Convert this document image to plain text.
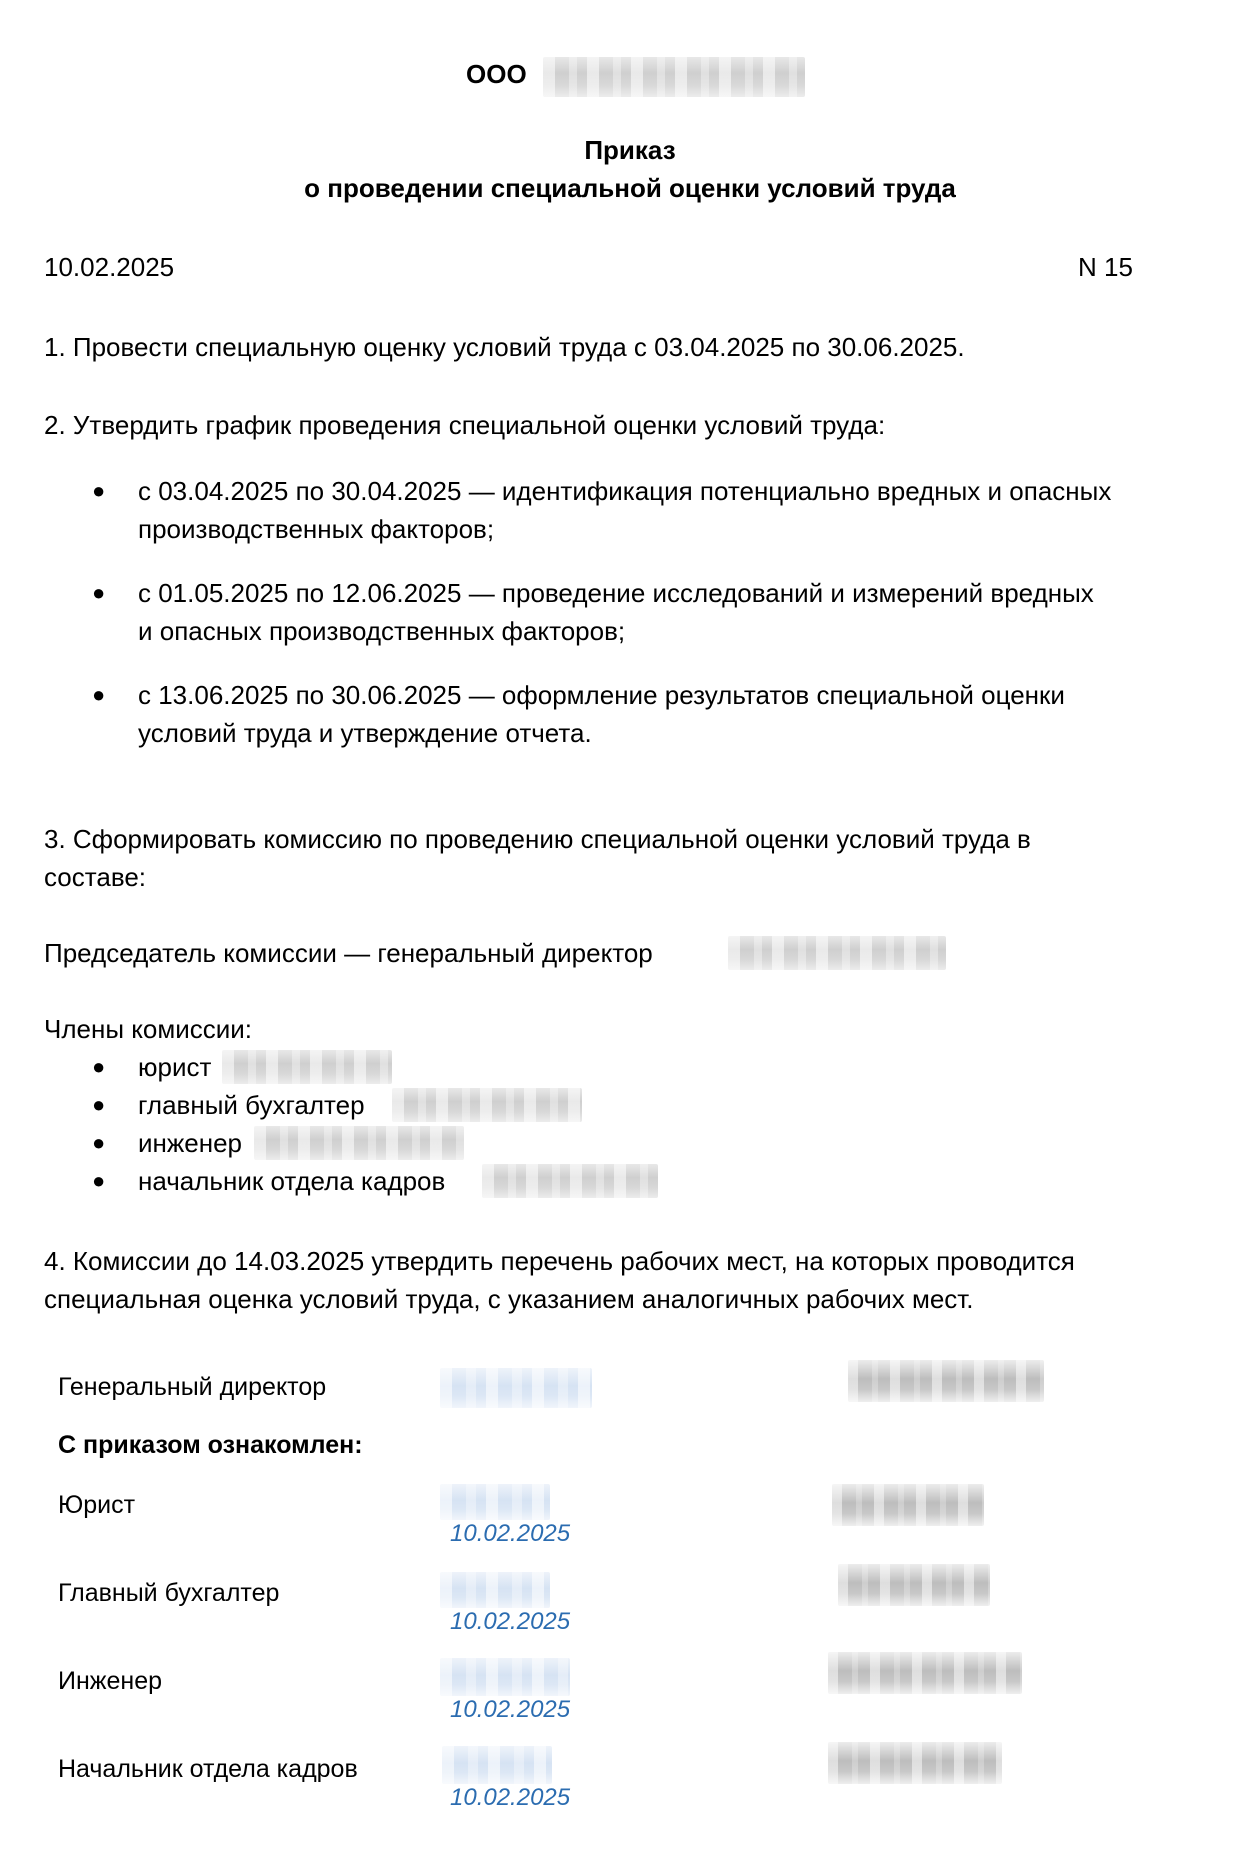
ООО
Приказ
о проведении специальной оценки условий труда
10.02.2025	N 15
1. Провести специальную оценку условий труда с 03.04.2025 по 30.06.2025.
2. Утвердить график проведения специальной оценки условий труда:
● с 03.04.2025 по 30.04.2025 — идентификация потенциально вредных и опасных
производственных факторов;
● с 01.05.2025 по 12.06.2025 — проведение исследований и измерений вредных
и опасных производственных факторов;
● с 13.06.2025 по 30.06.2025 — оформление результатов специальной оценки
условий труда и утверждение отчета.
3. Сформировать комиссию по проведению специальной оценки условий труда в
составе:
Председатель комиссии — генеральный директор
Члены комиссии:
● юрист
● главный бухгалтер
● инженер
● начальник отдела кадров
4. Комиссии до 14.03.2025 утвердить перечень рабочих мест, на которых проводится
специальная оценка условий труда, с указанием аналогичных рабочих мест.
Генеральный директор
С приказом ознакомлен:
Юрист
10.02.2025
Главный бухгалтер
10.02.2025
Инженер
10.02.2025
Начальник отдела кадров
10.02.2025
